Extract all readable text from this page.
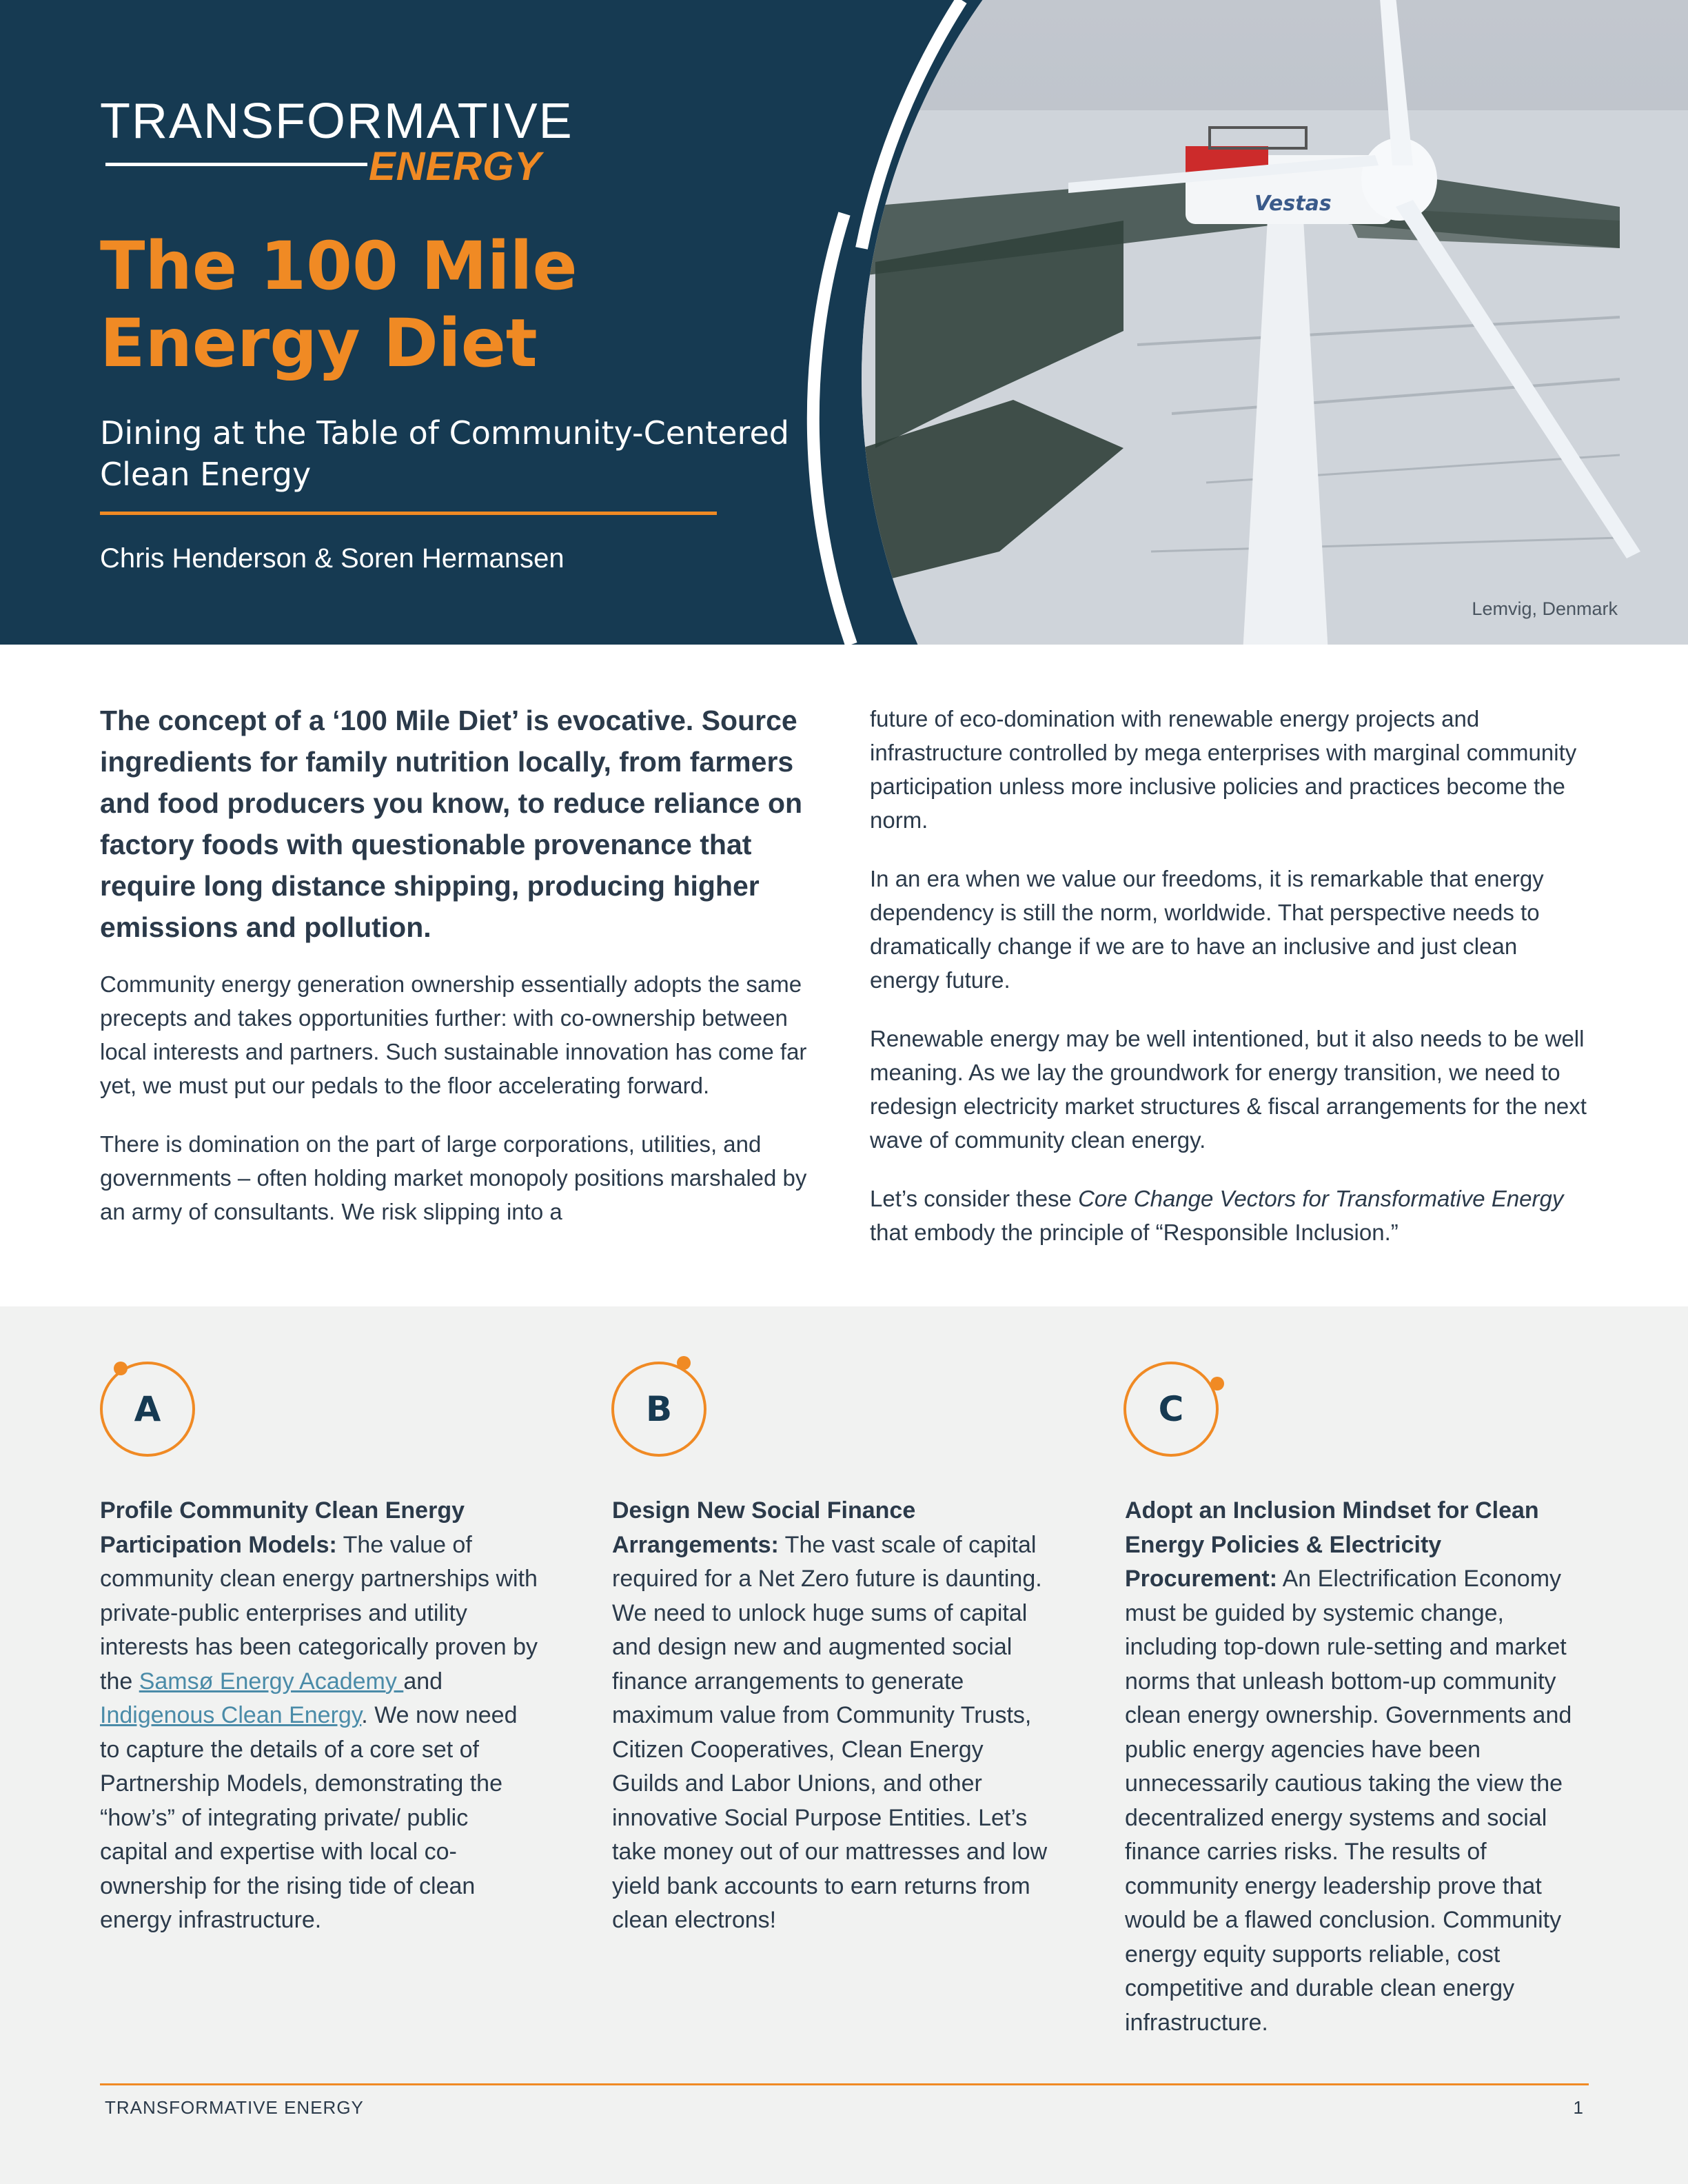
Vestas
TRANSFORMATIVE
ENERGY
The 100 Mile Energy Diet
Dining at the Table of Community-Centered Clean Energy
Chris Henderson & Soren Hermansen
Lemvig, Denmark

The concept of a ‘100 Mile Diet’ is evocative. Source ingredients for family nutrition locally, from farmers and food producers you know, to reduce reliance on factory foods with questionable provenance that require long distance shipping, producing higher emissions and pollution.

Community energy generation ownership essentially adopts the same precepts and takes opportunities further: with co-ownership between local interests and partners. Such sustainable innovation has come far yet, we must put our pedals to the floor accelerating forward.

There is domination on the part of large corporations, utilities, and governments – often holding market monopoly positions marshaled by an army of consultants. We risk slipping into a

future of eco-domination with renewable energy projects and infrastructure controlled by mega enterprises with marginal community participation unless more inclusive policies and practices become the norm.

In an era when we value our freedoms, it is remarkable that energy dependency is still the norm, worldwide. That perspective needs to dramatically change if we are to have an inclusive and just clean energy future.

Renewable energy may be well intentioned, but it also needs to be well meaning. As we lay the groundwork for energy transition, we need to redesign electricity market structures & fiscal arrangements for the next wave of community clean energy.

Let’s consider these Core Change Vectors for Transformative Energy that embody the principle of “Responsible Inclusion.”

A	B	C

Profile Community Clean Energy Participation Models: The value of community clean energy partnerships with private-public enterprises and utility interests has been categorically proven by the Samsø Energy Academy and Indigenous Clean Energy. We now need to capture the details of a core set of Partnership Models, demonstrating the “how’s” of integrating private/ public capital and expertise with local co-ownership for the rising tide of clean energy infrastructure.

Design New Social Finance Arrangements: The vast scale of capital required for a Net Zero future is daunting. We need to unlock huge sums of capital and design new and augmented social finance arrangements to generate maximum value from Community Trusts, Citizen Cooperatives, Clean Energy Guilds and Labor Unions, and other innovative Social Purpose Entities. Let’s take money out of our mattresses and low yield bank accounts to earn returns from clean electrons!

Adopt an Inclusion Mindset for Clean Energy Policies & Electricity Procurement: An Electrification Economy must be guided by systemic change, including top-down rule-setting and market norms that unleash bottom-up community clean energy ownership. Governments and public energy agencies have been unnecessarily cautious taking the view the decentralized energy systems and social finance carries risks. The results of community energy leadership prove that would be a flawed conclusion. Community energy equity supports reliable, cost competitive and durable clean energy infrastructure.

TRANSFORMATIVE ENERGY	1
